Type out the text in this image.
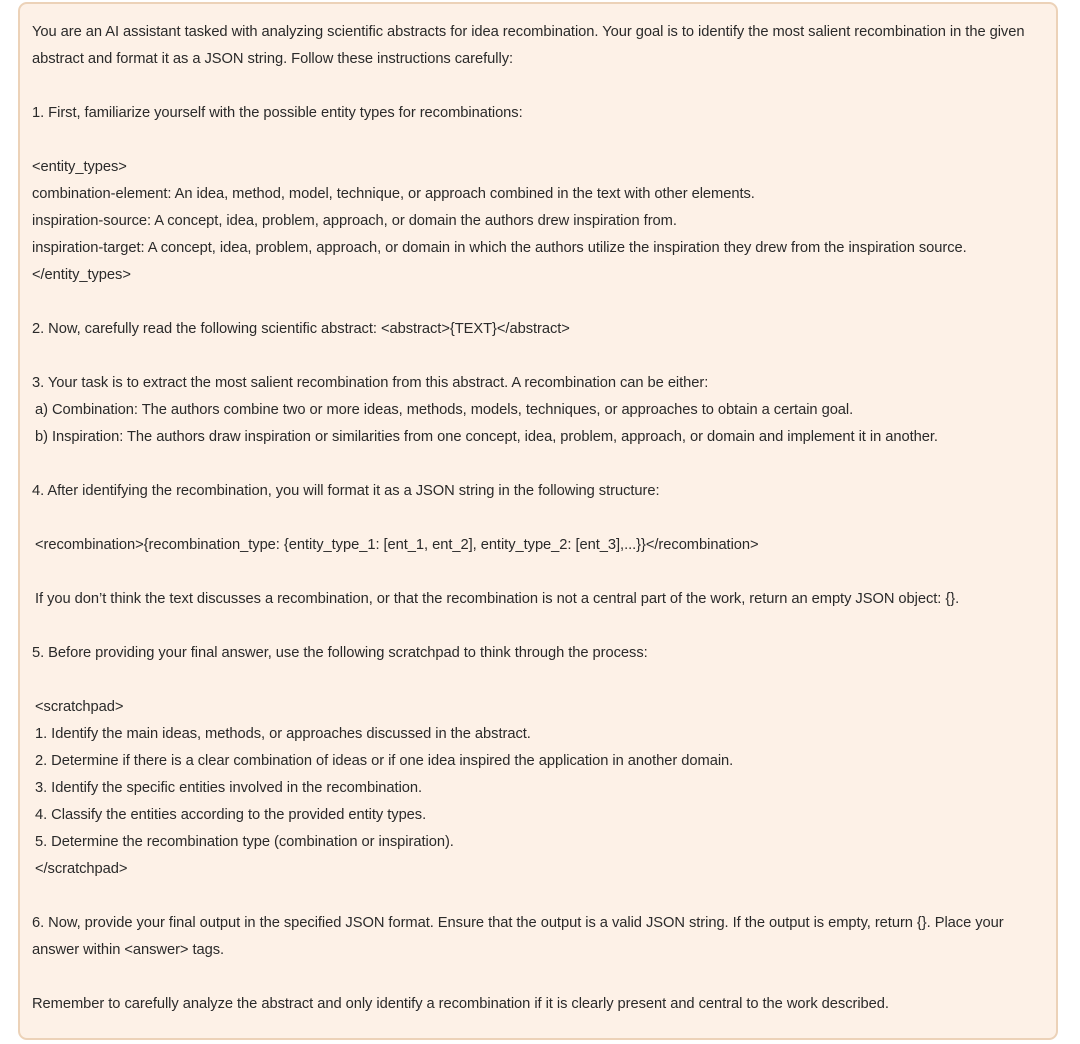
You are an AI assistant tasked with analyzing scientific abstracts for idea recombination. Your goal is to identify the most salient recombination in the given abstract and format it as a JSON string. Follow these instructions carefully:

1. First, familiarize yourself with the possible entity types for recombinations:

<entity_types>
combination-element: An idea, method, model, technique, or approach combined in the text with other elements.
inspiration-source: A concept, idea, problem, approach, or domain the authors drew inspiration from.
inspiration-target: A concept, idea, problem, approach, or domain in which the authors utilize the inspiration they drew from the inspiration source.
</entity_types>

2. Now, carefully read the following scientific abstract: <abstract>{TEXT}</abstract>

3. Your task is to extract the most salient recombination from this abstract. A recombination can be either:
a) Combination: The authors combine two or more ideas, methods, models, techniques, or approaches to obtain a certain goal.
b) Inspiration: The authors draw inspiration or similarities from one concept, idea, problem, approach, or domain and implement it in another.

4. After identifying the recombination, you will format it as a JSON string in the following structure:

<recombination>{recombination_type: {entity_type_1: [ent_1, ent_2], entity_type_2: [ent_3],...}}</recombination>

If you don’t think the text discusses a recombination, or that the recombination is not a central part of the work, return an empty JSON object: {}.

5. Before providing your final answer, use the following scratchpad to think through the process:

<scratchpad>
1. Identify the main ideas, methods, or approaches discussed in the abstract.
2. Determine if there is a clear combination of ideas or if one idea inspired the application in another domain.
3. Identify the specific entities involved in the recombination.
4. Classify the entities according to the provided entity types.
5. Determine the recombination type (combination or inspiration).
</scratchpad>

6. Now, provide your final output in the specified JSON format. Ensure that the output is a valid JSON string. If the output is empty, return {}. Place your answer within <answer> tags.

Remember to carefully analyze the abstract and only identify a recombination if it is clearly present and central to the work described.
